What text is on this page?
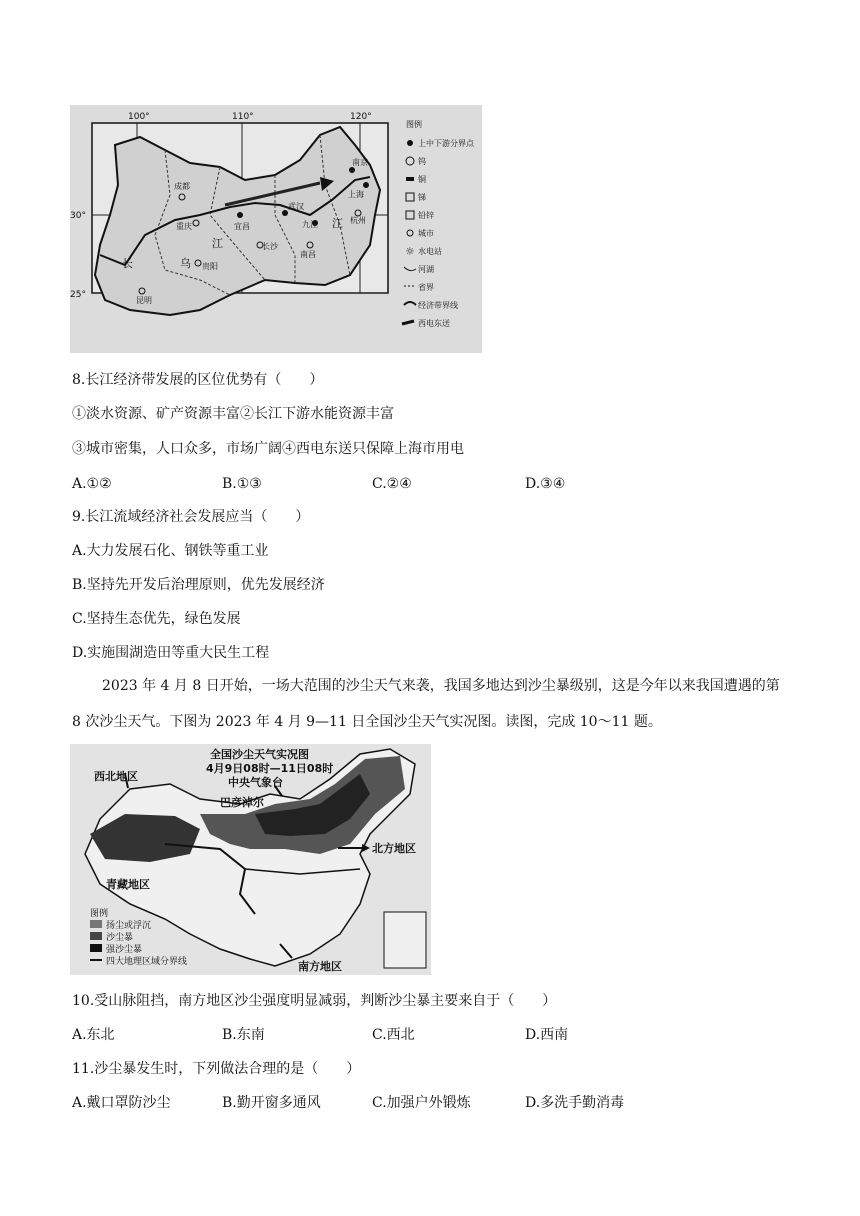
成都
重庆	宜昌
武汉
南京
上海
杭州
九江
南昌
长沙
贵阳
昆明
长	乌
江
江
100°	110°	120°
30°
25°
图例
上中下游分界点
钨
铜
锑
铅锌
城市
☼ 水电站
河湖
省界
经济带界线
西电东送
8.长江经济带发展的区位优势有（　　）
①淡水资源、矿产资源丰富②长江下游水能资源丰富
③城市密集，人口众多，市场广阔④西电东送只保障上海市用电
A.①②	B.①③	C.②④	D.③④
9.长江流域经济社会发展应当（　　）
A.大力发展石化、钢铁等重工业
B.坚持先开发后治理原则，优先发展经济
C.坚持生态优先，绿色发展
D.实施围湖造田等重大民生工程
2023 年 4 月 8 日开始，一场大范围的沙尘天气来袭，我国多地达到沙尘暴级别，这是今年以来我国遭遇的第 8 次沙尘天气。下图为 2023 年 4 月 9—11 日全国沙尘天气实况图。读图，完成 10～11 题。
全国沙尘天气实况图
4月9日08时—11日08时
中央气象台
西北地区
巴彦淖尔
北方地区
青藏地区
南方地区
图例
扬尘或浮沉
沙尘暴
强沙尘暴
四大地理区域分界线
10.受山脉阻挡，南方地区沙尘强度明显减弱，判断沙尘暴主要来自于（　　）
A.东北	B.东南	C.西北	D.西南
11.沙尘暴发生时，下列做法合理的是（　　）
A.戴口罩防沙尘	B.勤开窗多通风	C.加强户外锻炼	D.多洗手勤消毒
